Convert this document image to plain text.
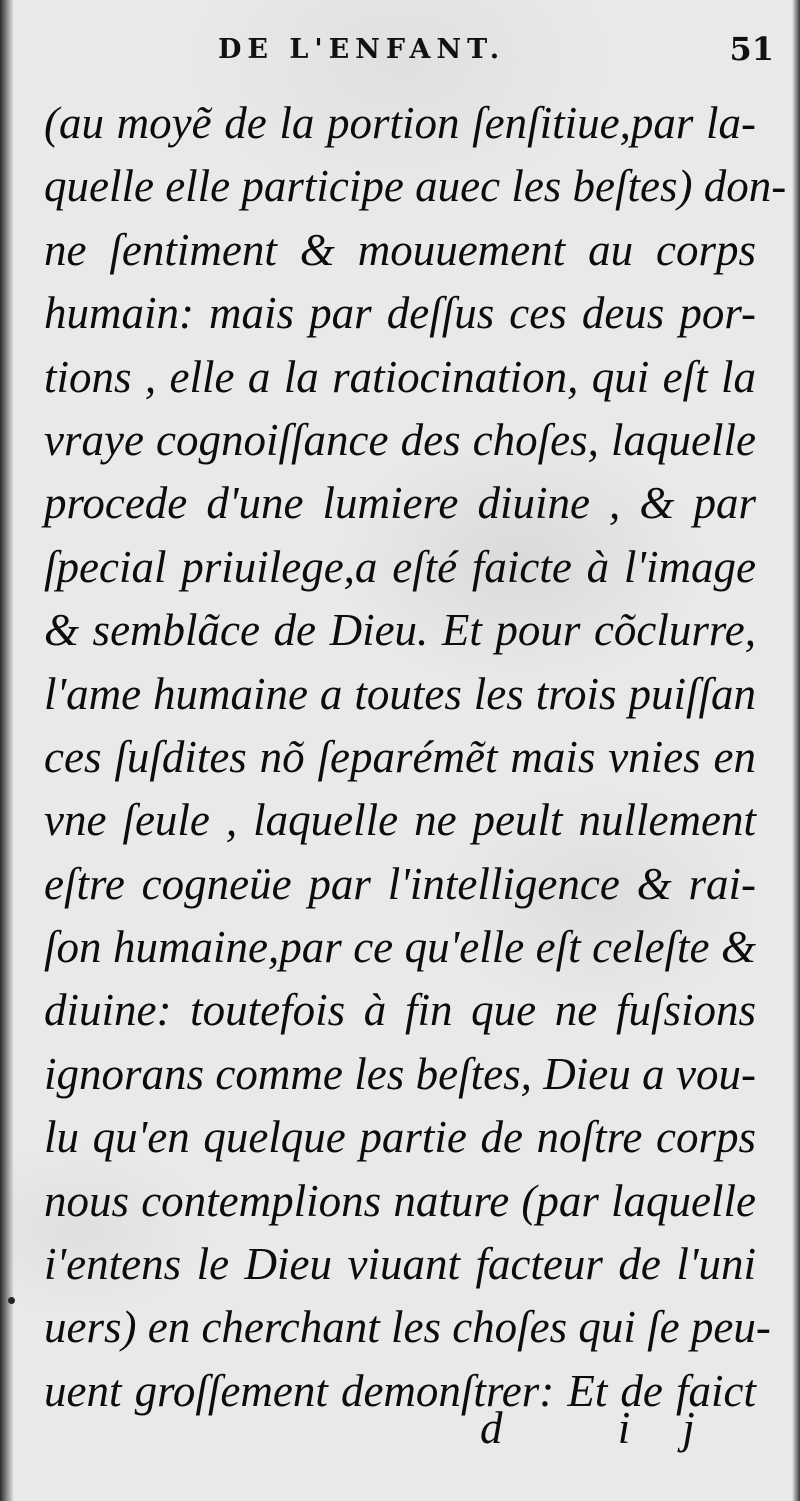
DE L'ENFANT.	51
(au moyẽ de la portion ſenſitiue,par la-
quelle elle participe auec les beſtes) don-
ne ſentiment & mouuement au corps
humain: mais par deſſus ces deus por-
tions , elle a la ratiocination, qui eſt la
vraye cognoiſſance des choſes, laquelle
procede d'une lumiere diuine , & par
ſpecial priuilege,a eſté faicte à l'image
& semblãce de Dieu. Et pour cõclurre,
l'ame humaine a toutes les trois puiſſan
ces ſuſdites nõ ſeparémẽt mais vnies en
vne ſeule , laquelle ne peult nullement
eſtre cogneüe par l'intelligence & rai-
ſon humaine,par ce qu'elle eſt celeſte &
diuine: toutefois à fin que ne fuſsions
ignorans comme les beſtes, Dieu a vou-
lu qu'en quelque partie de noſtre corps
nous contemplions nature (par laquelle
i'entens le Dieu viuant facteur de l'uni
uers) en cherchant les choſes qui ſe peu-
uent groſſement demonſtrer: Et de faict
d ij
